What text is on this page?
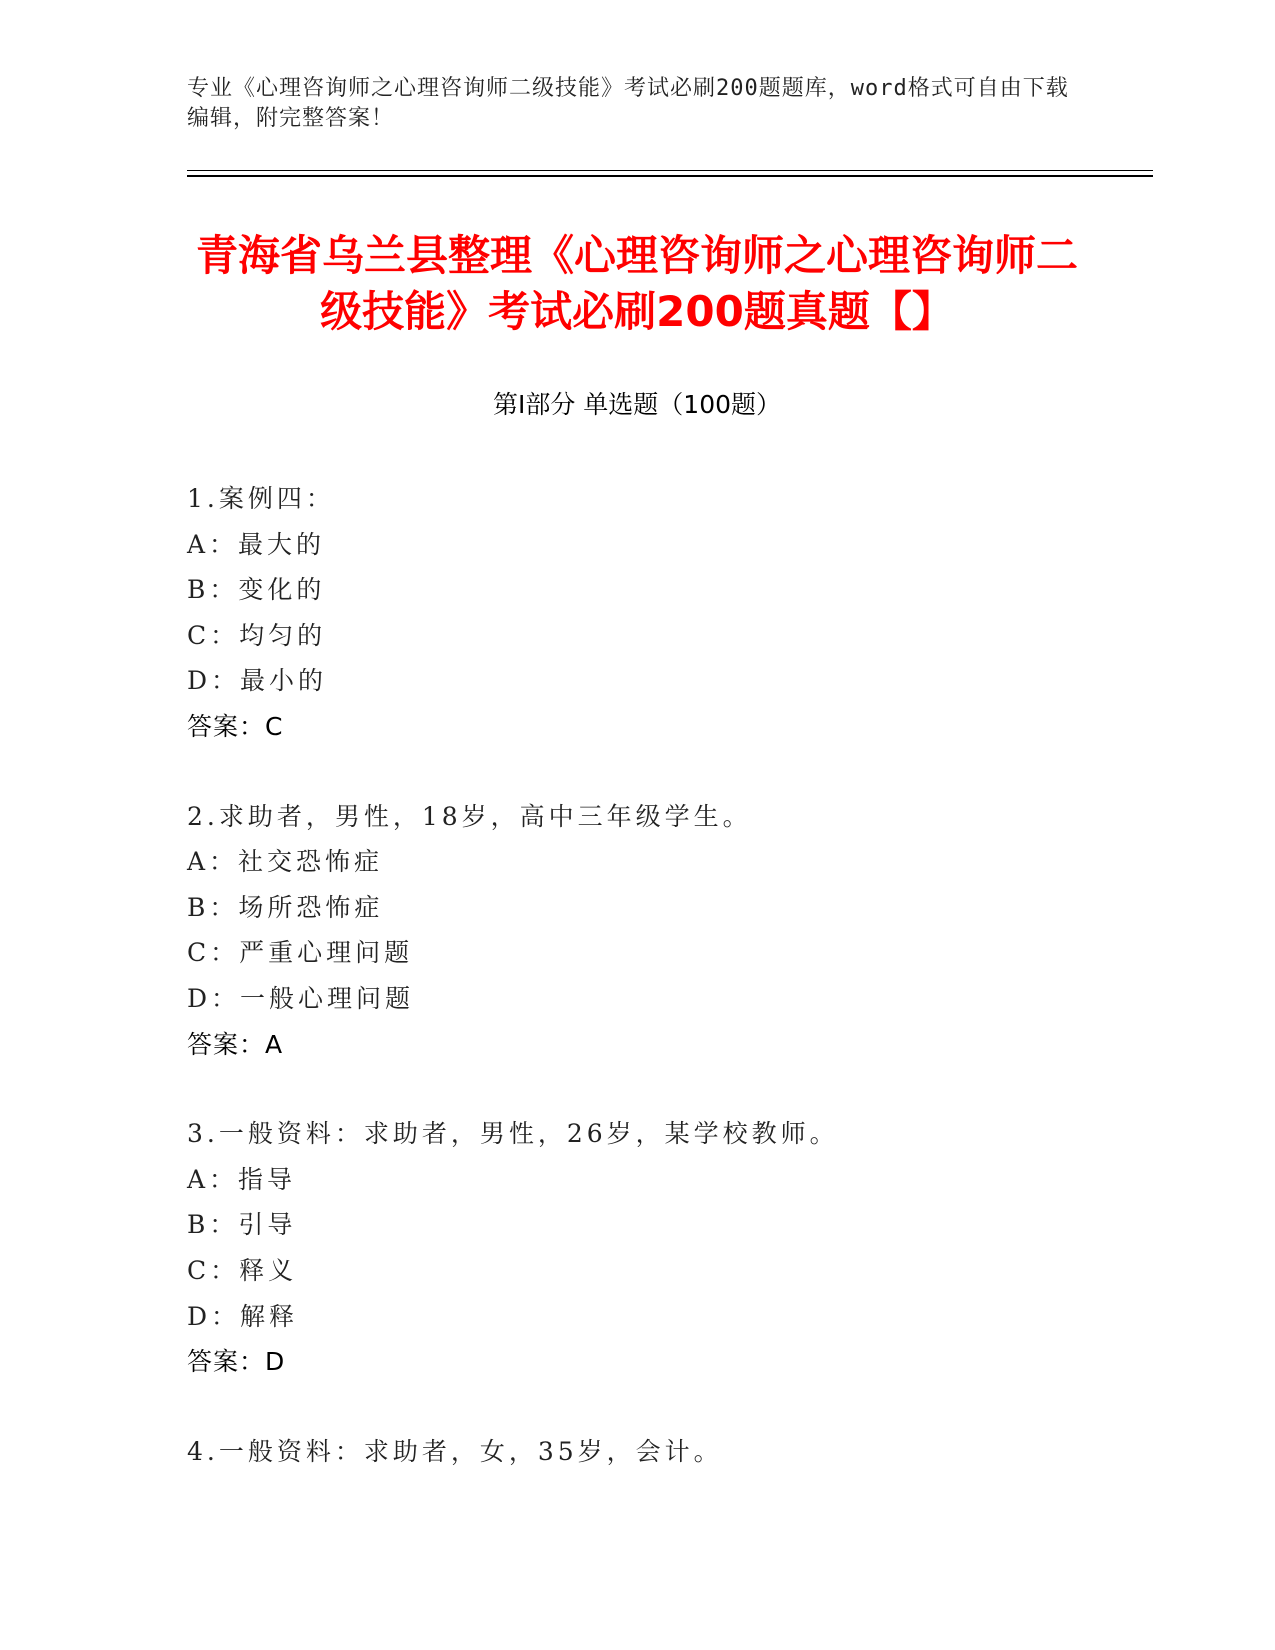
专业《心理咨询师之心理咨询师二级技能》考试必刷200题题库，word格式可自由下载编辑，附完整答案！
青海省乌兰县整理《心理咨询师之心理咨询师二级技能》考试必刷200题真题【】
第Ⅰ部分 单选题（100题）
1.案例四：
A：最大的
B：变化的
C：均匀的
D：最小的
答案：C
2.求助者，男性，18岁，高中三年级学生。
A：社交恐怖症
B：场所恐怖症
C：严重心理问题
D：一般心理问题
答案：A
3.一般资料：求助者，男性，26岁，某学校教师。
A：指导
B：引导
C：释义
D：解释
答案：D
4.一般资料：求助者，女，35岁，会计。
